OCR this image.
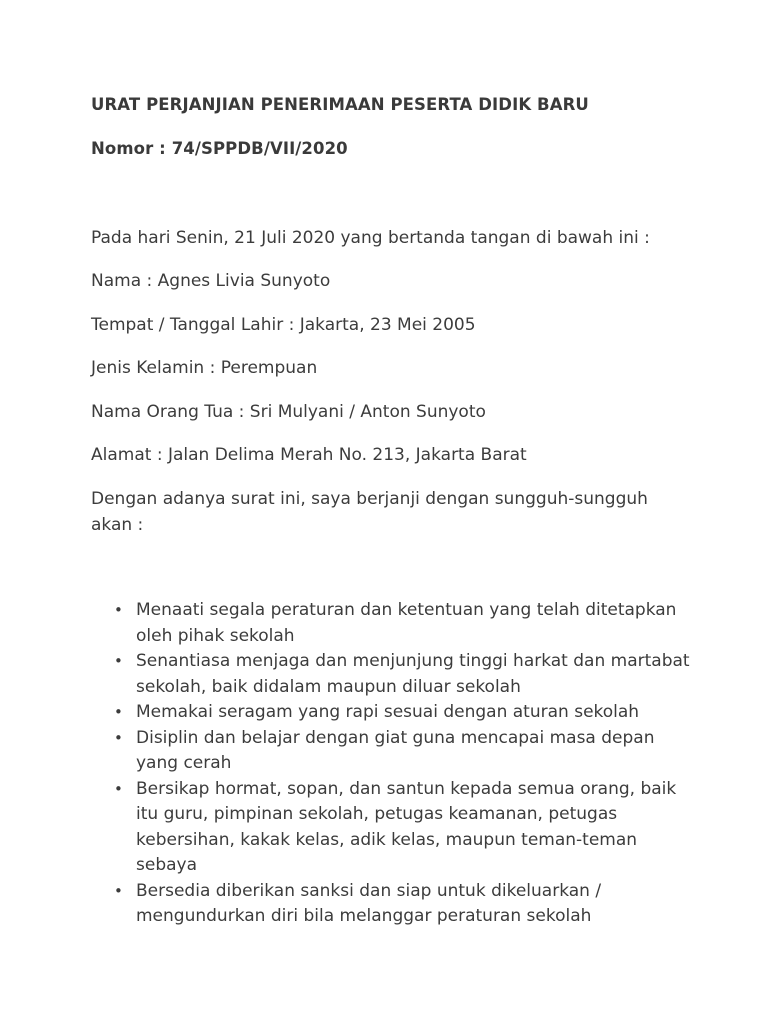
URAT PERJANJIAN PENERIMAAN PESERTA DIDIK BARU
Nomor : 74/SPPDB/VII/2020

Pada hari Senin, 21 Juli 2020 yang bertanda tangan di bawah ini :

Nama : Agnes Livia Sunyoto

Tempat / Tanggal Lahir : Jakarta, 23 Mei 2005

Jenis Kelamin : Perempuan

Nama Orang Tua : Sri Mulyani / Anton Sunyoto

Alamat : Jalan Delima Merah No. 213, Jakarta Barat

Dengan adanya surat ini, saya berjanji dengan sungguh-sungguh akan :

• Menaati segala peraturan dan ketentuan yang telah ditetapkan oleh pihak sekolah
• Senantiasa menjaga dan menjunjung tinggi harkat dan martabat sekolah, baik didalam maupun diluar sekolah
• Memakai seragam yang rapi sesuai dengan aturan sekolah
• Disiplin dan belajar dengan giat guna mencapai masa depan yang cerah
• Bersikap hormat, sopan, dan santun kepada semua orang, baik itu guru, pimpinan sekolah, petugas keamanan, petugas kebersihan, kakak kelas, adik kelas, maupun teman-teman sebaya
• Bersedia diberikan sanksi dan siap untuk dikeluarkan / mengundurkan diri bila melanggar peraturan sekolah
